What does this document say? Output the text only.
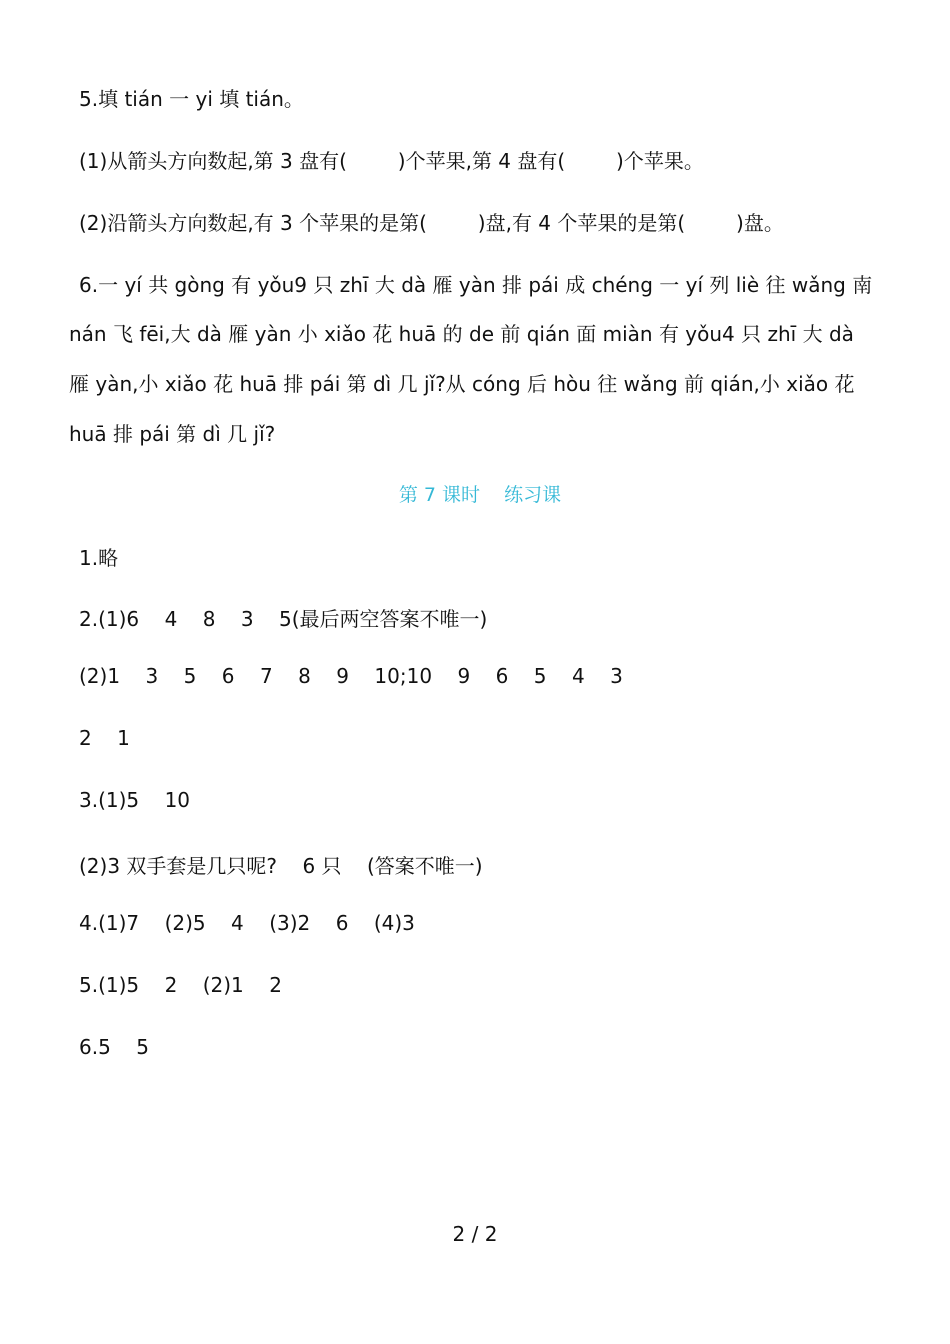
5.填 tián 一 yi 填 tián。
(1)从箭头方向数起,第 3 盘有(        )个苹果,第 4 盘有(        )个苹果。
(2)沿箭头方向数起,有 3 个苹果的是第(        )盘,有 4 个苹果的是第(        )盘。
6.一 yí 共 gòng 有 yǒu9 只 zhī 大 dà 雁 yàn 排 pái 成 chéng 一 yí 列 liè 往 wǎng 南
nán 飞 fēi,大 dà 雁 yàn 小 xiǎo 花 huā 的 de 前 qián 面 miàn 有 yǒu4 只 zhī 大 dà
雁 yàn,小 xiǎo 花 huā 排 pái 第 dì 几 jǐ?从 cóng 后 hòu 往 wǎng 前 qián,小 xiǎo 花
huā 排 pái 第 dì 几 jǐ?
第 7 课时    练习课
1.略
2.(1)6    4    8    3    5(最后两空答案不唯一)
(2)1    3    5    6    7    8    9    10;10    9    6    5    4    3
2    1
3.(1)5    10
(2)3 双手套是几只呢?    6 只    (答案不唯一)
4.(1)7    (2)5    4    (3)2    6    (4)3
5.(1)5    2    (2)1    2
6.5    5
2 / 2
